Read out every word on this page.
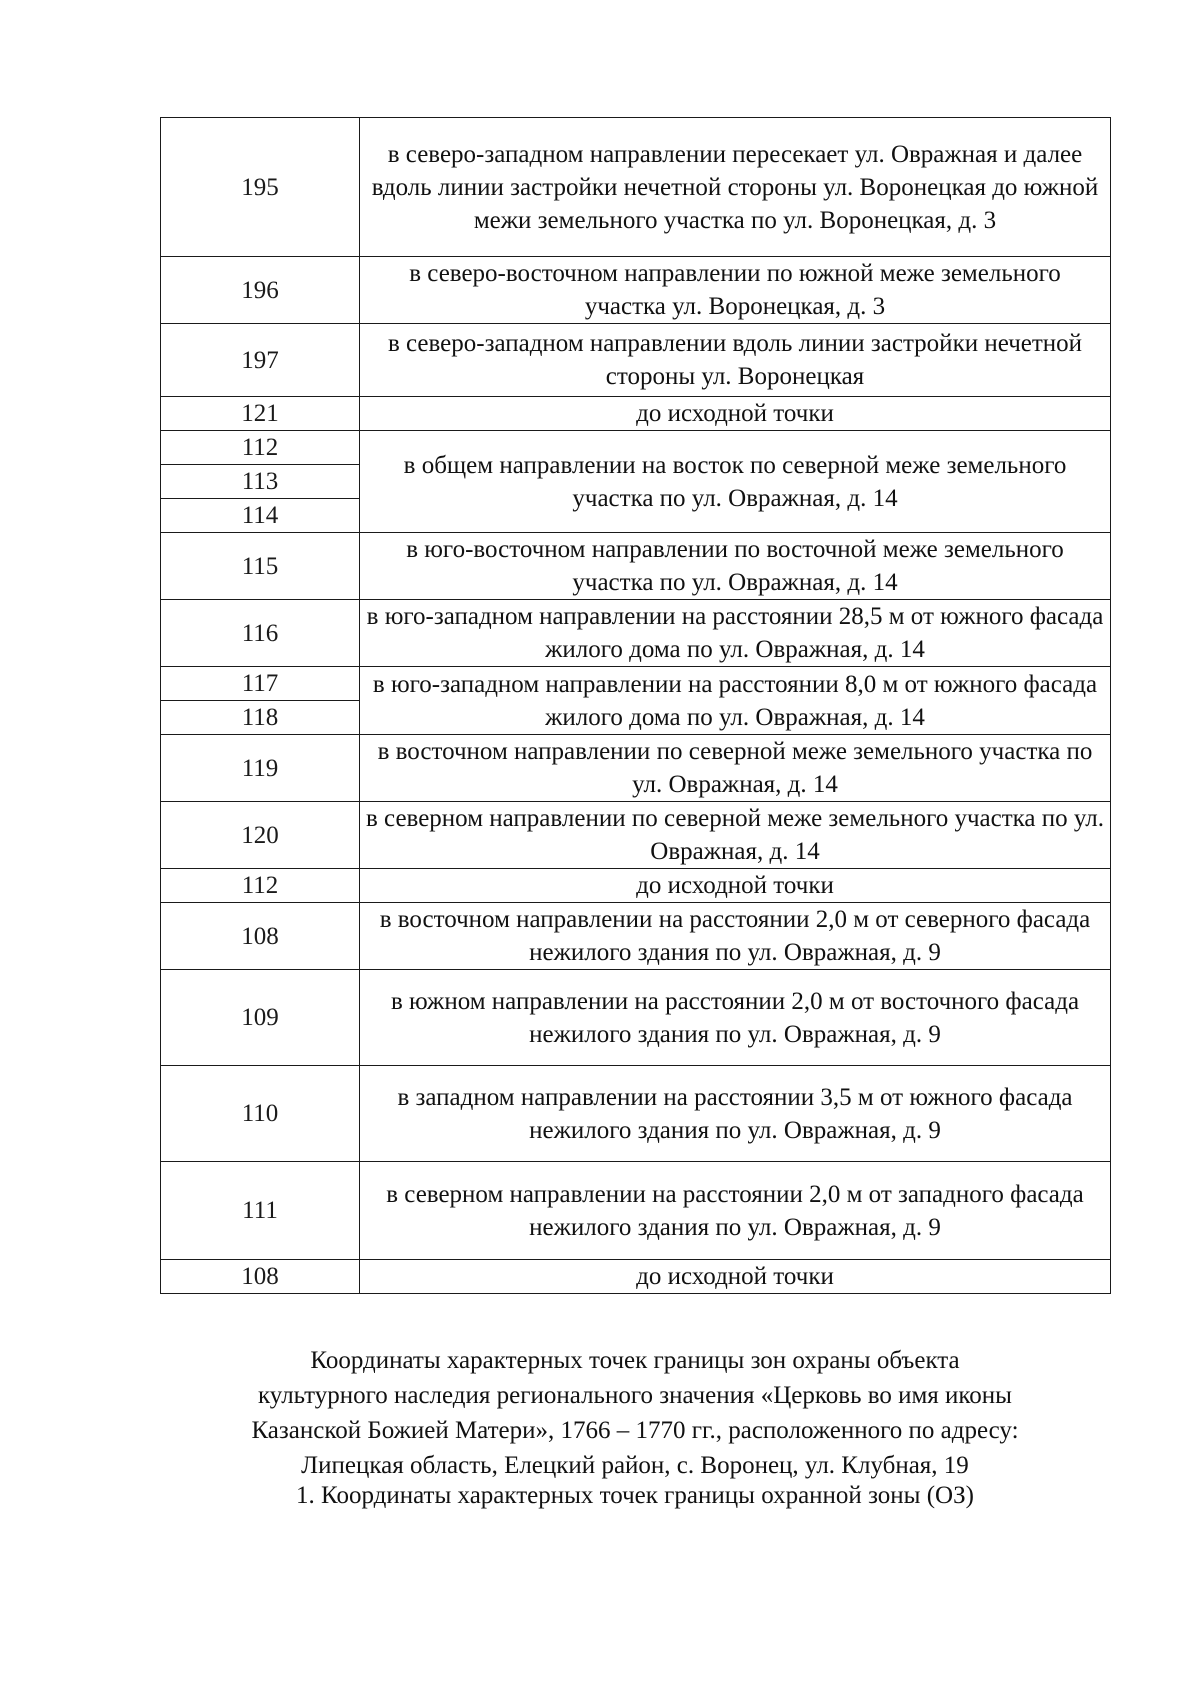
195	в северо-западном направлении пересекает ул. Овражная и далее вдоль линии застройки нечетной стороны ул. Воронецкая до южной межи земельного участка по ул. Воронецкая, д. 3
196	в северо-восточном направлении по южной меже земельного участка ул. Воронецкая, д. 3
197	в северо-западном направлении вдоль линии застройки нечетной стороны ул. Воронецкая
121	до исходной точки
112	в общем направлении на восток по северной меже земельного участка по ул. Овражная, д. 14
113	
114	
115	в юго-восточном направлении по восточной меже земельного участка по ул. Овражная, д. 14
116	в юго-западном направлении на расстоянии 28,5 м от южного фасада жилого дома по ул. Овражная, д. 14
117	в юго-западном направлении на расстоянии 8,0 м от южного фасада жилого дома по ул. Овражная, д. 14
118	
119	в восточном направлении по северной меже земельного участка по ул. Овражная, д. 14
120	в северном направлении по северной меже земельного участка по ул. Овражная, д. 14
112	до исходной точки
108	в восточном направлении на расстоянии 2,0 м от северного фасада нежилого здания по ул. Овражная, д. 9
109	в южном направлении на расстоянии 2,0 м от восточного фасада нежилого здания по ул. Овражная, д. 9
110	в западном направлении на расстоянии 3,5 м от южного фасада нежилого здания по ул. Овражная, д. 9
111	в северном направлении на расстоянии 2,0 м от западного фасада нежилого здания по ул. Овражная, д. 9
108	до исходной точки
Координаты характерных точек границы зон охраны объекта
культурного наследия регионального значения «Церковь во имя иконы
Казанской Божией Матери», 1766 – 1770 гг., расположенного по адресу:
Липецкая область, Елецкий район, с. Воронец, ул. Клубная, 19
1. Координаты характерных точек границы охранной зоны (ОЗ)
